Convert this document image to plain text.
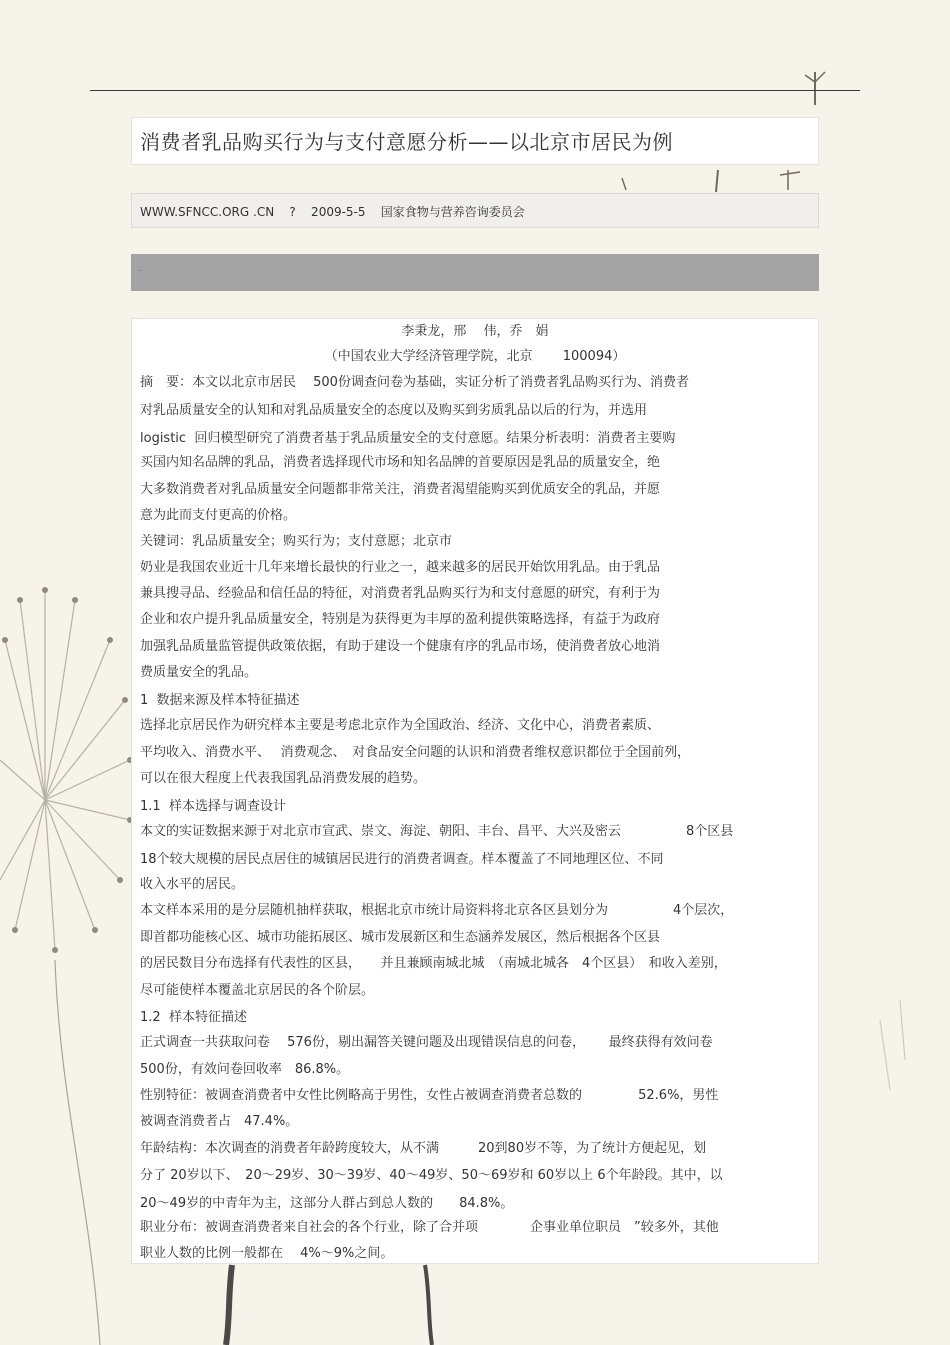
消费者乳品购买行为与支付意愿分析——以北京市居民为例
WWW.SFNCC.ORG .CN    ?    2009-5-5    国家食物与营养咨询委员会
.
李秉龙，邢　 伟，乔　娟
（中国农业大学经济管理学院，北京　　 100094）
摘　要：本文以北京市居民　 500份调查问卷为基础，实证分析了消费者乳品购买行为、消费者
对乳品质量安全的认知和对乳品质量安全的态度以及购买到劣质乳品以后的行为，并选用
logistic  回归模型研究了消费者基于乳品质量安全的支付意愿。结果分析表明：消费者主要购
买国内知名品牌的乳品，消费者选择现代市场和知名品牌的首要原因是乳品的质量安全，绝
大多数消费者对乳品质量安全问题都非常关注，消费者渴望能购买到优质安全的乳品，并愿
意为此而支付更高的价格。
关键词：乳品质量安全；购买行为；支付意愿；北京市
奶业是我国农业近十几年来增长最快的行业之一，越来越多的居民开始饮用乳品。由于乳品
兼具搜寻品、经验品和信任品的特征，对消费者乳品购买行为和支付意愿的研究，有利于为
企业和农户提升乳品质量安全，特别是为获得更为丰厚的盈利提供策略选择，有益于为政府
加强乳品质量监管提供政策依据，有助于建设一个健康有序的乳品市场，使消费者放心地消
费质量安全的乳品。
1  数据来源及样本特征描述
选择北京居民作为研究样本主要是考虑北京作为全国政治、经济、文化中心，消费者素质、
平均收入、消费水平、　 消费观念、　对食品安全问题的认识和消费者维权意识都位于全国前列，
可以在很大程度上代表我国乳品消费发展的趋势。
1.1  样本选择与调查设计
本文的实证数据来源于对北京市宣武、崇文、海淀、朝阳、丰台、昌平、大兴及密云　　　　　8个区县
18个较大规模的居民点居住的城镇居民进行的消费者调查。样本覆盖了不同地理区位、不同
收入水平的居民。
本文样本采用的是分层随机抽样获取，根据北京市统计局资料将北京各区县划分为　　　　　4个层次，
即首都功能核心区、城市功能拓展区、城市发展新区和生态涵养发展区，然后根据各个区县
的居民数目分布选择有代表性的区县，　　并且兼顾南城北城　（南城北城各　4个区县）　和收入差别，
尽可能使样本覆盖北京居民的各个阶层。
1.2  样本特征描述
正式调查一共获取问卷　 576份，剔出漏答关键问题及出现错误信息的问卷，　　 最终获得有效问卷
500份，有效问卷回收率　86.8%。
性别特征：被调查消费者中女性比例略高于男性，女性占被调查消费者总数的　　　　 52.6%，男性
被调查消费者占　47.4%。
年龄结构：本次调查的消费者年龄跨度较大，从不满　　　20到80岁不等，为了统计方便起见，划
分了 20岁以下、　20～29岁、30～39岁、40～49岁、50～69岁和 60岁以上 6个年龄段。其中，以
20～49岁的中青年为主，这部分人群占到总人数的　　84.8%。
职业分布：被调查消费者来自社会的各个行业，除了合并项　　　　企事业单位职员　”较多外，其他
职业人数的比例一般都在　 4%～9%之间。
